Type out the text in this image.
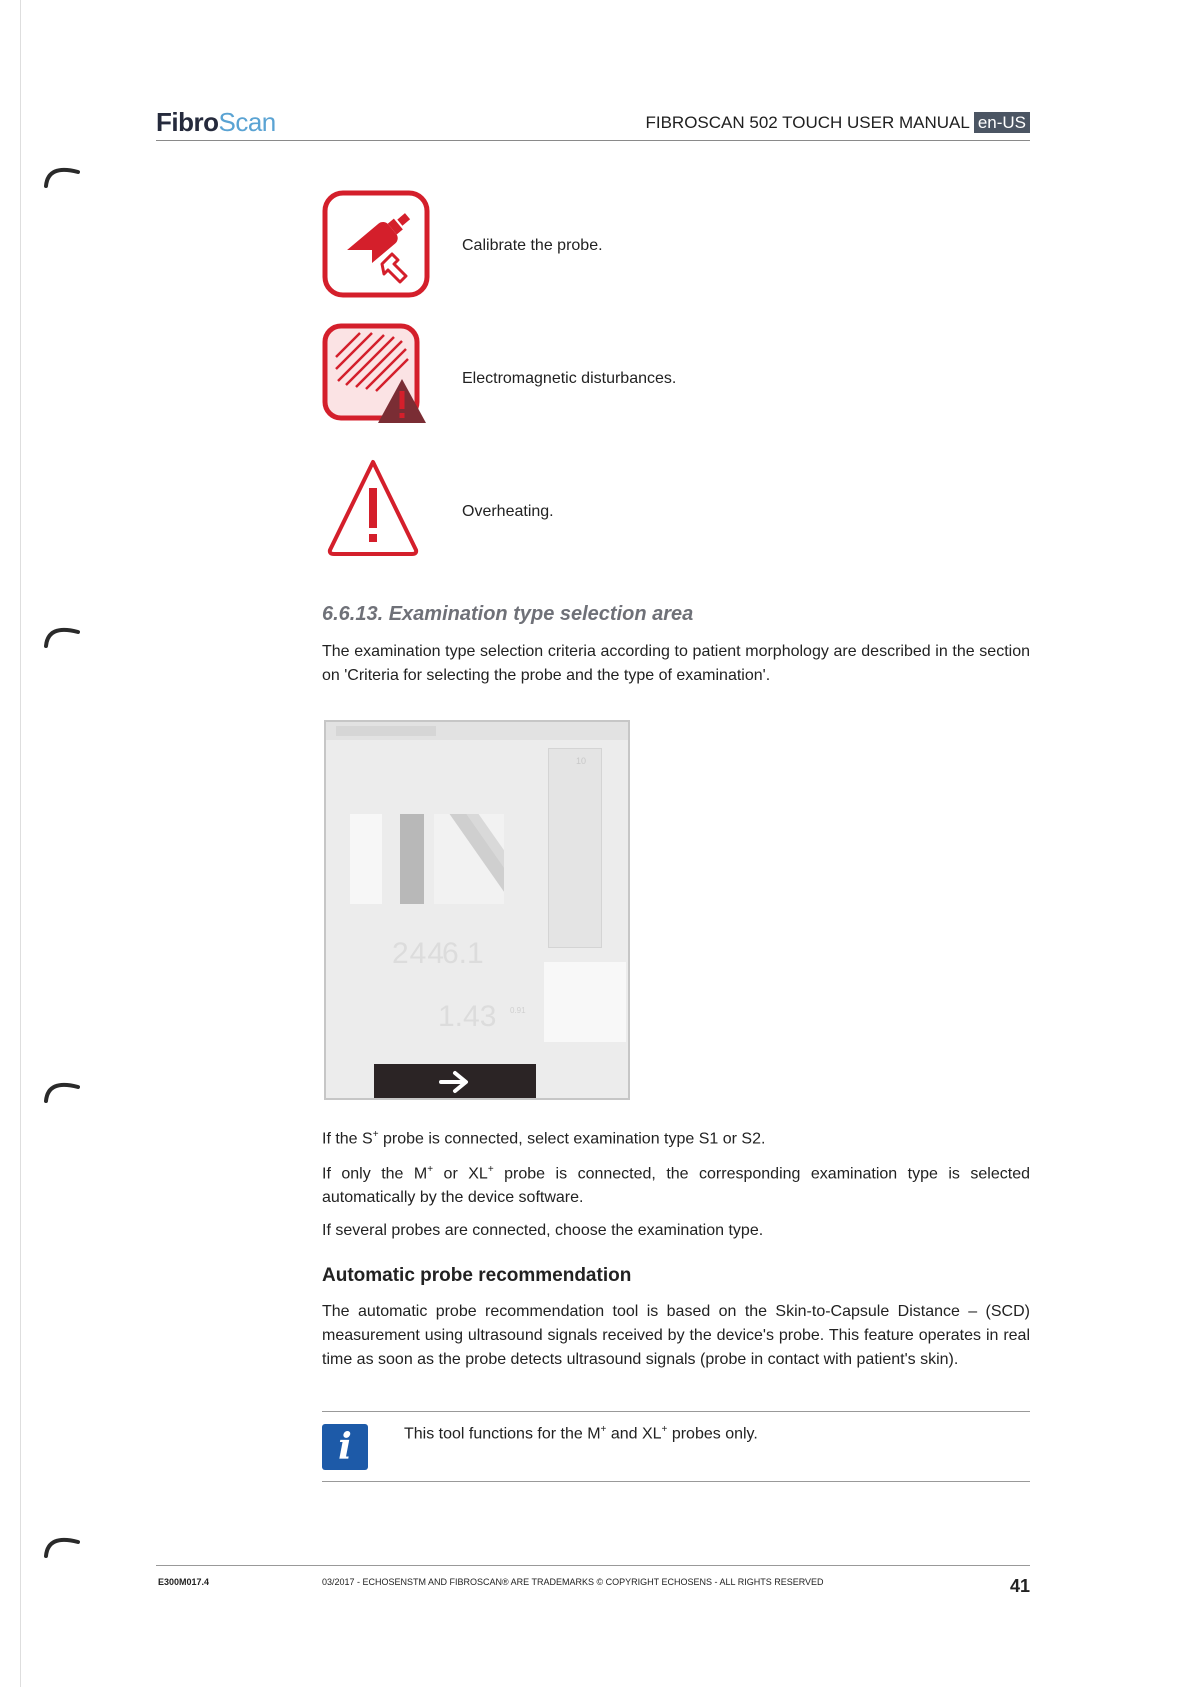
FibroScan	FIBROSCAN 502 TOUCH USER MANUAL en-US
Calibrate the probe.
Electromagnetic disturbances.
Overheating.
6.6.13. Examination type selection area

The examination type selection criteria according to patient morphology are described in the section on 'Criteria for selecting the probe and the type of examination'.

10
244
6.1
1.43 0.91

If the S+ probe is connected, select examination type S1 or S2.

If only the M+ or XL+ probe is connected, the corresponding examination type is selected automatically by the device software.

If several probes are connected, choose the examination type.

Automatic probe recommendation

The automatic probe recommendation tool is based on the Skin-to-Capsule Distance – (SCD) measurement using ultrasound signals received by the device's probe. This feature operates in real time as soon as the probe detects ultrasound signals (probe in contact with patient's skin).

i	This tool functions for the M+ and XL+ probes only.
E300M017.4	03/2017 - ECHOSENSTM AND FIBROSCAN® ARE TRADEMARKS © COPYRIGHT ECHOSENS - ALL RIGHTS RESERVED	41
